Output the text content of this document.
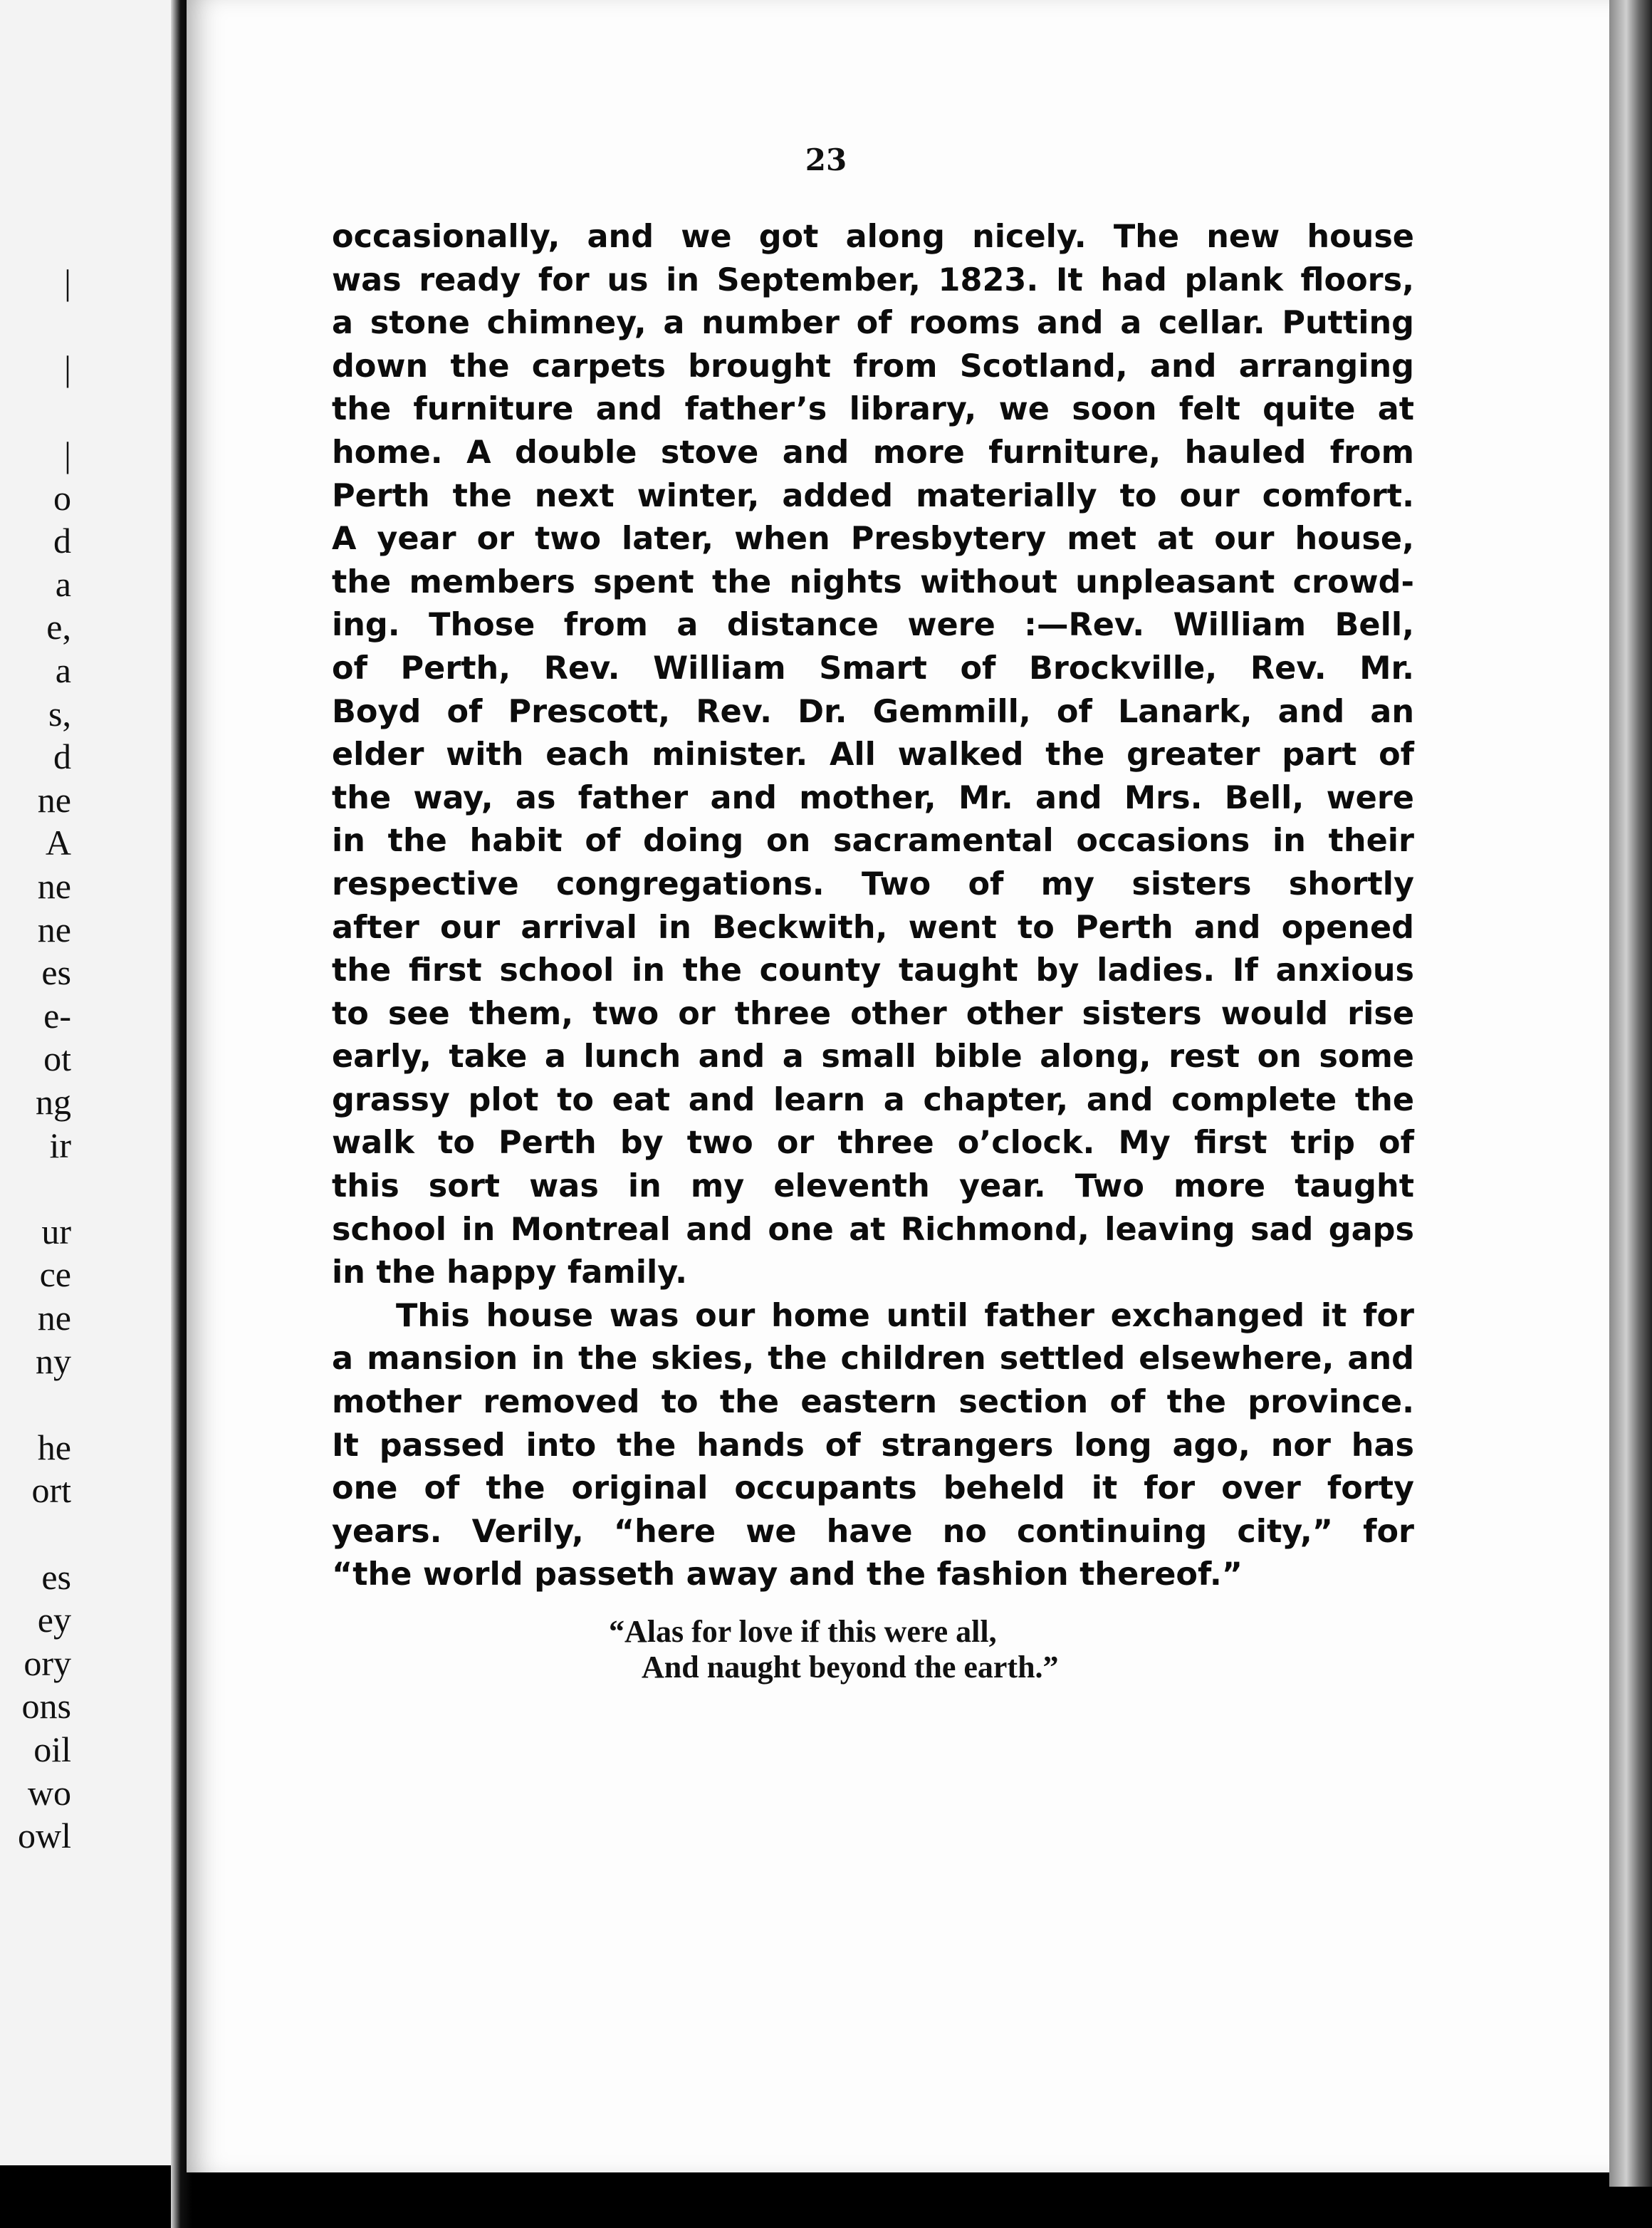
|
|
|
o
d
a
e,
a
s,
d
ne
A
ne
ne
es
e-
ot
ng
ir
ur
ce
ne
ny
he
ort
es
ey
ory
ons
oil
wo
owl
23
occasionally, and we got along nicely. The new house
was ready for us in September, 1823. It had plank floors,
a stone chimney, a number of rooms and a cellar. Putting
down the carpets brought from Scotland, and arranging
the furniture and father’s library, we soon felt quite at
home. A double stove and more furniture, hauled from
Perth the next winter, added materially to our comfort.
A year or two later, when Presbytery met at our house,
the members spent the nights without unpleasant crowd-
ing. Those from a distance were :—Rev. William Bell,
of Perth, Rev. William Smart of Brockville, Rev. Mr.
Boyd of Prescott, Rev. Dr. Gemmill, of Lanark, and an
elder with each minister. All walked the greater part of
the way, as father and mother, Mr. and Mrs. Bell, were
in the habit of doing on sacramental occasions in their
respective congregations. Two of my sisters shortly
after our arrival in Beckwith, went to Perth and opened
the first school in the county taught by ladies. If anxious
to see them, two or three other other sisters would rise
early, take a lunch and a small bible along, rest on some
grassy plot to eat and learn a chapter, and complete the
walk to Perth by two or three o’clock. My first trip of
this sort was in my eleventh year. Two more taught
school in Montreal and one at Richmond, leaving sad gaps
in the happy family.
This house was our home until father exchanged it for
a mansion in the skies, the children settled elsewhere, and
mother removed to the eastern section of the province.
It passed into the hands of strangers long ago, nor has
one of the original occupants beheld it for over forty
years. Verily, “here we have no continuing city,” for
“the world passeth away and the fashion thereof.”
“Alas for love if this were all,
And naught beyond the earth.”
